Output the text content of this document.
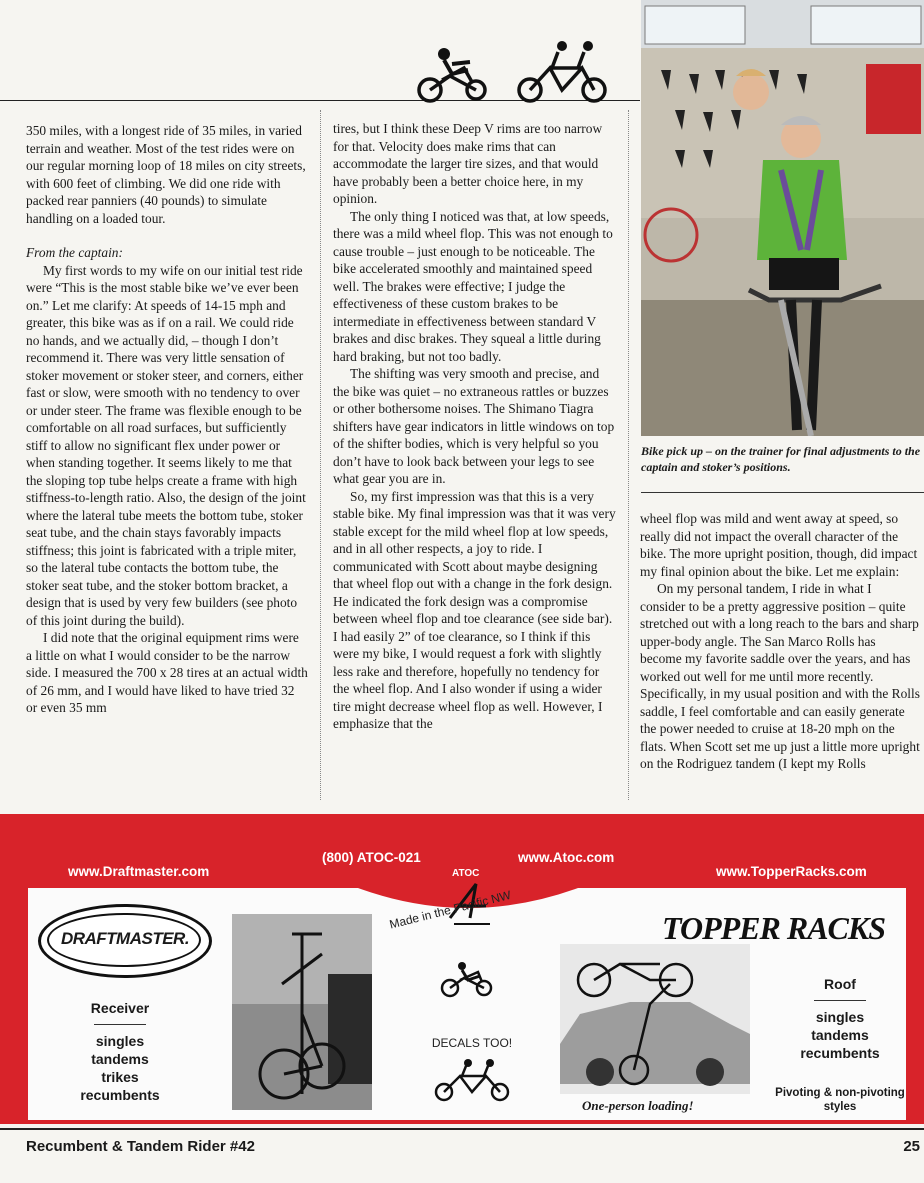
350 miles, with a longest ride of 35 miles, in varied terrain and weather. Most of the test rides were on our regular morning loop of 18 miles on city streets, with 600 feet of climbing. We did one ride with packed rear panniers (40 pounds) to simulate handling on a loaded tour.

From the captain:

My first words to my wife on our initial test ride were “This is the most stable bike we’ve ever been on.” Let me clarify: At speeds of 14-15 mph and greater, this bike was as if on a rail. We could ride no hands, and we actually did, – though I don’t recommend it. There was very little sensation of stoker movement or stoker steer, and corners, either fast or slow, were smooth with no tendency to over or under steer. The frame was flexible enough to be comfortable on all road surfaces, but sufficiently stiff to allow no significant flex under power or when standing together. It seems likely to me that the sloping top tube helps create a frame with high stiffness-to-length ratio. Also, the design of the joint where the lateral tube meets the bottom tube, stoker seat tube, and the chain stays favorably impacts stiffness; this joint is fabricated with a triple miter, so the lateral tube contacts the bottom tube, the stoker seat tube, and the stoker bottom bracket, a design that is used by very few builders (see photo of this joint during the build).

I did note that the original equipment rims were a little on what I would consider to be the narrow side. I measured the 700 x 28 tires at an actual width of 26 mm, and I would have liked to have tried 32 or even 35 mm

tires, but I think these Deep V rims are too narrow for that. Velocity does make rims that can accommodate the larger tire sizes, and that would have probably been a better choice here, in my opinion.

The only thing I noticed was that, at low speeds, there was a mild wheel flop. This was not enough to cause trouble – just enough to be noticeable. The bike accelerated smoothly and maintained speed well. The brakes were effective; I judge the effectiveness of these custom brakes to be intermediate in effectiveness between standard V brakes and disc brakes. They squeal a little during hard braking, but not too badly.

The shifting was very smooth and precise, and the bike was quiet – no extraneous rattles or buzzes or other bothersome noises. The Shimano Tiagra shifters have gear indicators in little windows on top of the shifter bodies, which is very helpful so you don’t have to look back between your legs to see what gear you are in.

So, my first impression was that this is a very stable bike. My final impression was that it was very stable except for the mild wheel flop at low speeds, and in all other respects, a joy to ride. I communicated with Scott about maybe designing that wheel flop out with a change in the fork design. He indicated the fork design was a compromise between wheel flop and toe clearance (see side bar). I had easily 2” of toe clearance, so I think if this were my bike, I would request a fork with slightly less rake and therefore, hopefully no tendency for the wheel flop. And I also wonder if using a wider tire might decrease wheel flop as well. However, I emphasize that the

Bike pick up – on the trainer for final adjustments to the captain and stoker’s positions.

wheel flop was mild and went away at speed, so really did not impact the overall character of the bike. The more upright position, though, did impact my final opinion about the bike. Let me explain:

On my personal tandem, I ride in what I consider to be a pretty aggressive position – quite stretched out with a long reach to the bars and sharp upper-body angle. The San Marco Rolls has become my favorite saddle over the years, and has worked out well for me until more recently. Specifically, in my usual position and with the Rolls saddle, I feel comfortable and can easily generate the power needed to cruise at 18-20 mph on the flats. When Scott set me up just a little more upright on the Rodriguez tandem (I kept my Rolls

www.Draftmaster.com
(800) ATOC-021	www.Atoc.com
www.TopperRacks.com
ATOC
Made in the Pacific NW
DRAFTMASTER.
Receiver
singles
tandems
trikes
recumbents
DECALS TOO!
One-person loading!
TOPPER RACKS
Roof
singles
tandems
recumbents
Pivoting & non-pivoting styles
Recumbent & Tandem Rider #42	25
